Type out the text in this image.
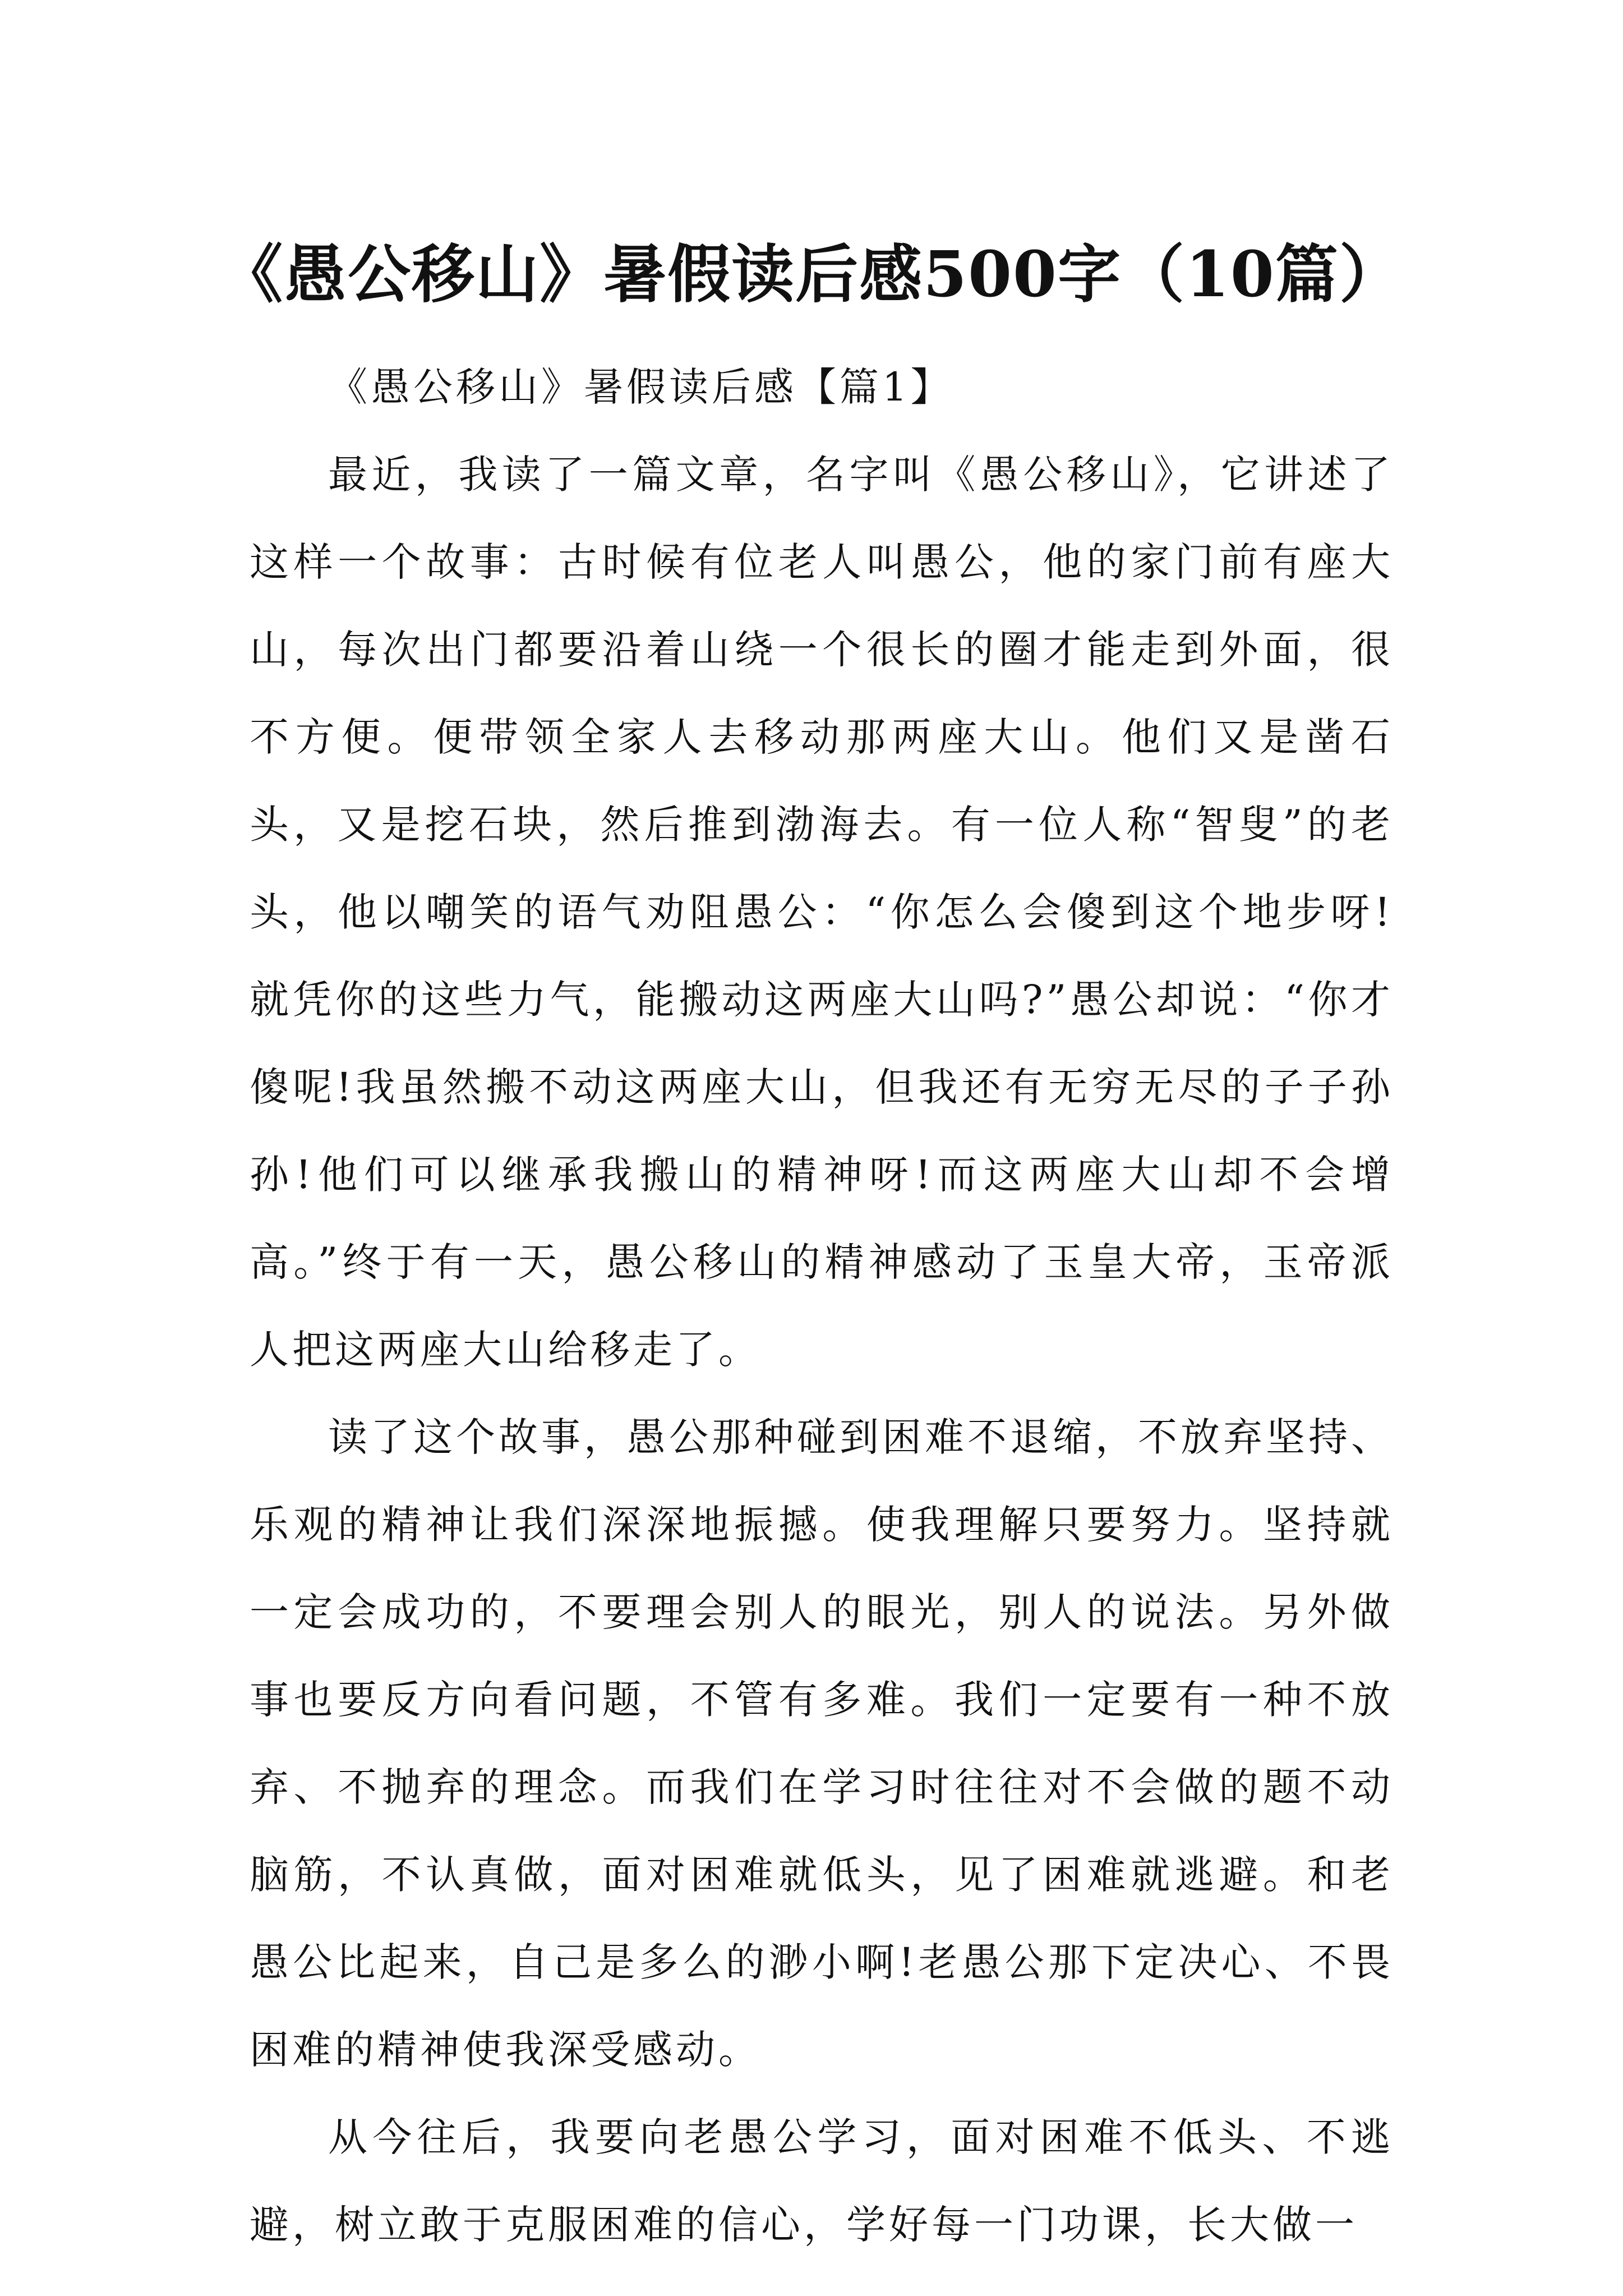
《愚公移山》暑假读后感500字（10篇）
《愚公移山》暑假读后感【篇1】

最近，我读了一篇文章，名字叫《愚公移山》，它讲述了这样一个故事：古时候有位老人叫愚公，他的家门前有座大山，每次出门都要沿着山绕一个很长的圈才能走到外面，很不方便。便带领全家人去移动那两座大山。他们又是凿石头，又是挖石块，然后推到渤海去。有一位人称“智叟”的老头，他以嘲笑的语气劝阻愚公：“你怎么会傻到这个地步呀!就凭你的这些力气，能搬动这两座大山吗?”愚公却说：“你才傻呢!我虽然搬不动这两座大山，但我还有无穷无尽的子子孙孙!他们可以继承我搬山的精神呀!而这两座大山却不会增高。”终于有一天，愚公移山的精神感动了玉皇大帝，玉帝派人把这两座大山给移走了。

读了这个故事，愚公那种碰到困难不退缩，不放弃坚持、乐观的精神让我们深深地振撼。使我理解只要努力。坚持就一定会成功的，不要理会别人的眼光，别人的说法。另外做事也要反方向看问题，不管有多难。我们一定要有一种不放弃、不抛弃的理念。而我们在学习时往往对不会做的题不动脑筋，不认真做，面对困难就低头，见了困难就逃避。和老愚公比起来，自己是多么的渺小啊!老愚公那下定决心、不畏困难的精神使我深受感动。

从今往后，我要向老愚公学习，面对困难不低头、不逃避，树立敢于克服困难的信心，学好每一门功课，长大做一
